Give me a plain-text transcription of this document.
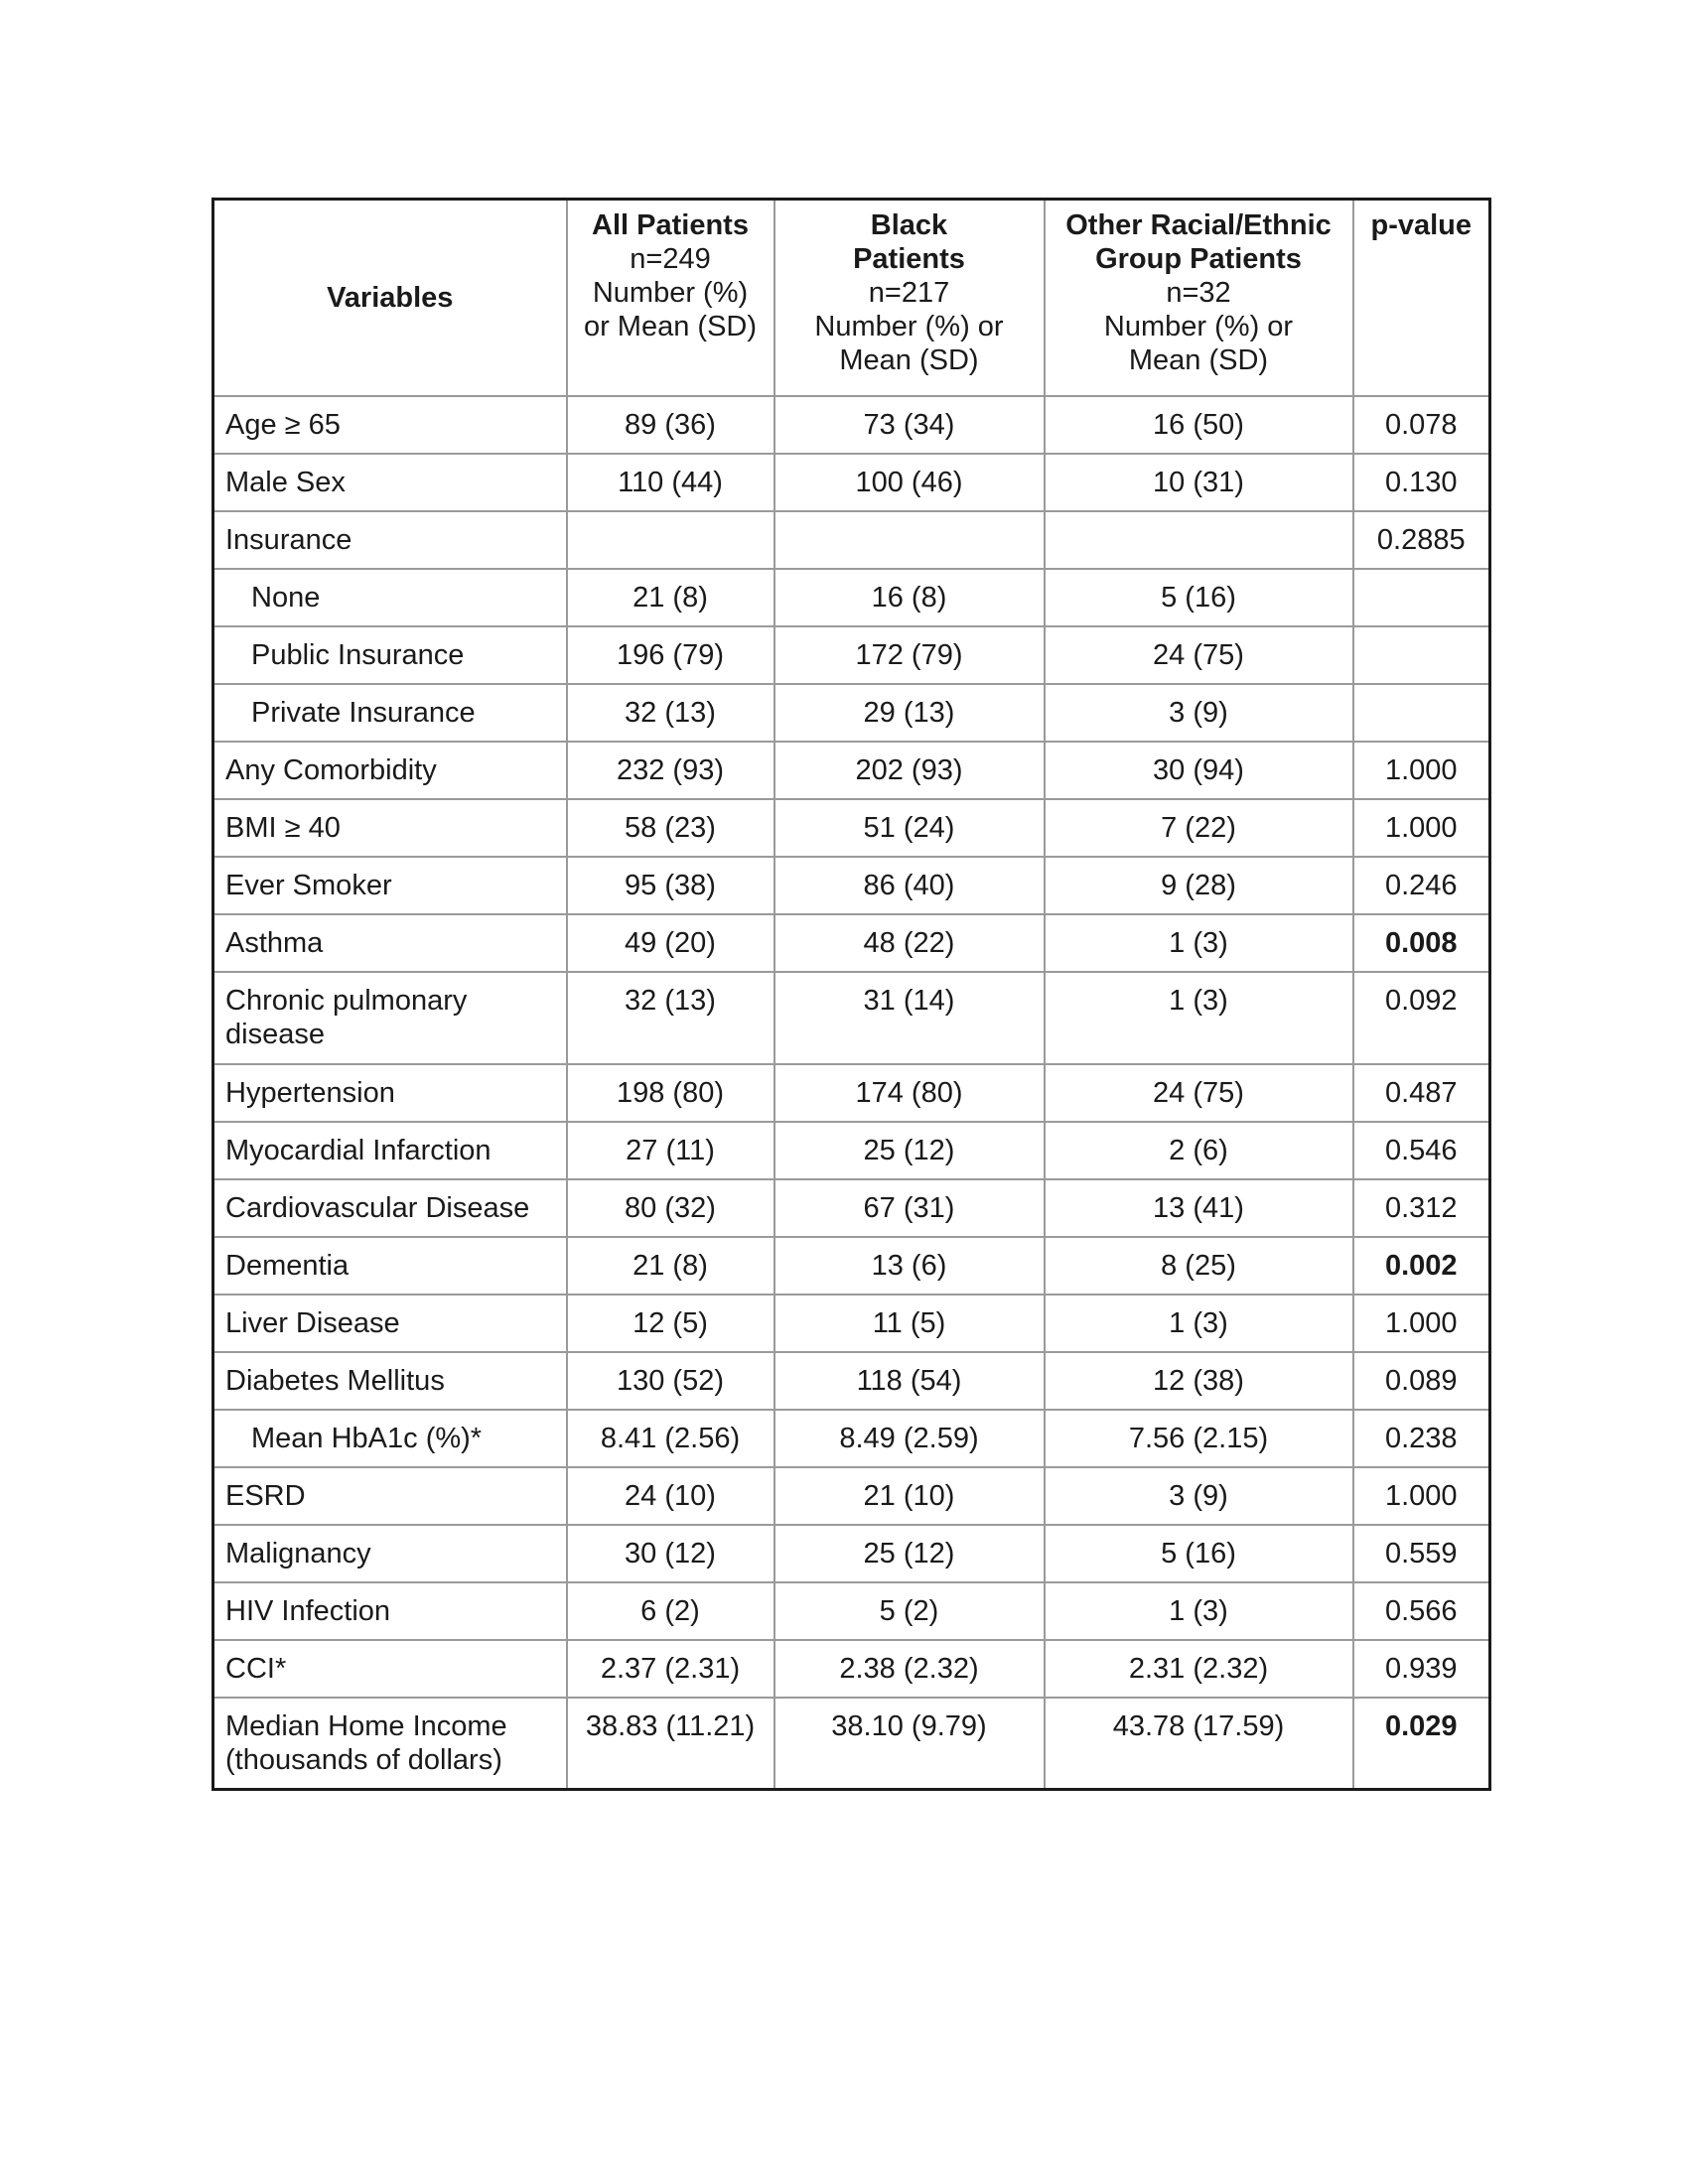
Variables	All Patients
n=249
Number (%)
or Mean (SD)	Black
Patients
n=217
Number (%) or
Mean (SD)	Other Racial/Ethnic
Group Patients
n=32
Number (%) or
Mean (SD)	p-value

Age ≥ 65	89 (36)	73 (34)	16 (50)	0.078
Male Sex	110 (44)	100 (46)	10 (31)	0.130
Insurance				0.2885
None	21 (8)	16 (8)	5 (16)	
Public Insurance	196 (79)	172 (79)	24 (75)	
Private Insurance	32 (13)	29 (13)	3 (9)	
Any Comorbidity	232 (93)	202 (93)	30 (94)	1.000
BMI ≥ 40	58 (23)	51 (24)	7 (22)	1.000
Ever Smoker	95 (38)	86 (40)	9 (28)	0.246
Asthma	49 (20)	48 (22)	1 (3)	0.008

Chronic pulmonary
disease	32 (13)	31 (14)	1 (3)	0.092
Hypertension	198 (80)	174 (80)	24 (75)	0.487
Myocardial Infarction	27 (11)	25 (12)	2 (6)	0.546
Cardiovascular Disease	80 (32)	67 (31)	13 (41)	0.312
Dementia	21 (8)	13 (6)	8 (25)	0.002
Liver Disease	12 (5)	11 (5)	1 (3)	1.000
Diabetes Mellitus	130 (52)	118 (54)	12 (38)	0.089
Mean HbA1c (%)*	8.41 (2.56)	8.49 (2.59)	7.56 (2.15)	0.238
ESRD	24 (10)	21 (10)	3 (9)	1.000
Malignancy	30 (12)	25 (12)	5 (16)	0.559
HIV Infection	6 (2)	5 (2)	1 (3)	0.566
CCI*	2.37 (2.31)	2.38 (2.32)	2.31 (2.32)	0.939

Median Home Income
(thousands of dollars)	38.83 (11.21)	38.10 (9.79)	43.78 (17.59)	0.029
